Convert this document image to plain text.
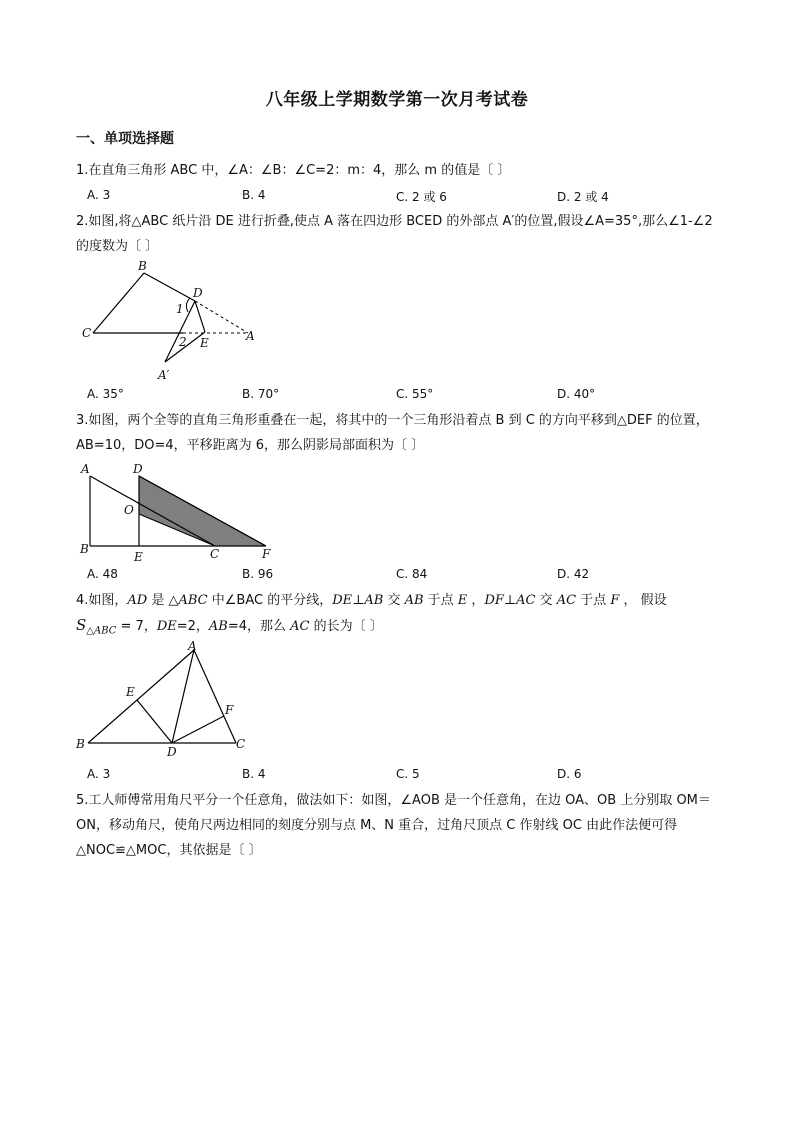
八年级上学期数学第一次月考试卷
一、单项选择题
1.在直角三角形 ABC 中，∠A：∠B：∠C=2：m：4，那么 m 的值是〔 〕
A. 3	B. 4	C. 2 或 6	D. 2 或 4
2.如图,将△ABC 纸片沿 DE 进行折叠,使点 A 落在四边形 BCED 的外部点 A′的位置,假设∠A=35°,那么∠1-∠2 的度数为〔 〕
B
D
1
C
2 E	A
A′
A. 35°	B. 70°	C. 55°	D. 40°
3.如图，两个全等的直角三角形重叠在一起，将其中的一个三角形沿着点 B 到 C 的方向平移到△DEF 的位置，AB=10，DO=4，平移距离为 6，那么阴影局部面积为〔 〕
A	D
O
B
E	C	F
A. 48	B. 96	C. 84	D. 42
4.如图，AD 是 △ABC 中∠BAC 的平分线，DE⊥AB 交 AB 于点 E ，DF⊥AC 交 AC 于点 F ， 假设
$S_{\triangle ABC} = 7$，DE=2，AB=4，那么 AC 的长为〔 〕
A
E
F
B
D
C
A. 3	B. 4	C. 5	D. 6
5.工人师傅常用角尺平分一个任意角，做法如下：如图，∠AOB 是一个任意角，在边 OA、OB 上分别取 OM＝ON，移动角尺，使角尺两边相同的刻度分别与点 M、N 重合，过角尺顶点 C 作射线 OC 由此作法便可得△NOC≌△MOC，其依据是〔 〕
